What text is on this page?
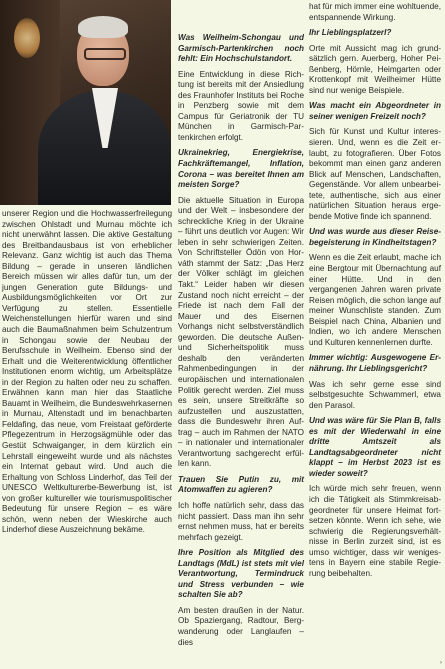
unserer Region und die Hochwasserfreilegung zwischen Ohlstadt und Murnau möchte ich nicht unerwähnt lassen. Die aktive Gestaltung des Breitbandausbaus ist von erheblicher Relevanz. Ganz wichtig ist auch das Thema Bildung – gerade in unseren ländlichen Bereich müssen wir alles dafür tun, um der jungen Generation gute Bildungs- und Ausbildungsmöglichkeiten vor Ort zur Verfügung zu stellen. Essentielle Weichenstellungen hierfür waren und sind auch die Baumaßnahmen beim Schulzentrum in Schongau sowie der Neubau der Berufsschule in Weilheim. Ebenso sind der Erhalt und die Weiterentwicklung öffentlicher Institutionen enorm wichtig, um Arbeitsplätze in der Region zu halten oder neu zu schaffen. Erwähnen kann man hier das Staatliche Bauamt in Weilheim, die Bundeswehrkasernen in Murnau, Altenstadt und im benachbarten Feldafing, das neue, vom Freistaat geförderte Pflegezentrum in Herzogsägmühle oder das Gestüt Schwaiganger, in dem kürzlich ein Lehrstall eingeweiht wurde und als nächstes ein Internat gebaut wird. Und auch die Erhaltung von Schloss Linderhof, das Teil der UNESCO Weltkulturerbe-Bewerbung ist, ist von großer kultureller wie tourismuspolitischer Bedeutung für unsere Region – es wäre schön, wenn neben der Wieskirche auch Linderhof diese Auszeichnung bekäme.

Was Weilheim-Schongau und Garmisch-Partenkirchen noch fehlt: Ein Hochschulstandort.

Eine Entwicklung in diese Richtung ist bereits mit der Ansiedlung des Fraunhofer Instituts bei Roche in Penzberg sowie mit dem Campus für Geriatronik der TU München in Garmisch-Partenkirchen erfolgt.

Ukrainekrieg, Energiekrise, Fachkräftemangel, Inflation, Corona – was bereitet Ihnen am meisten Sorge?

Die aktuelle Situation in Europa und der Welt – insbesondere der schreckliche Krieg in der Ukraine – führt uns deutlich vor Augen: Wir leben in sehr schwierigen Zeiten. Von Schriftsteller Ödön von Horváth stammt der Satz: „Das Herz der Völker schlägt im gleichen Takt.“ Leider haben wir diesen Zustand noch nicht erreicht – der Friede ist nach dem Fall der Mauer und des Eisernen Vorhangs nicht selbstverständlich geworden. Die deutsche Außen- und Sicherheitspolitik muss deshalb den veränderten Rahmenbedingungen in der europäischen und internationalen Politik gerecht werden. Ziel muss es sein, unsere Streitkräfte so aufzustellen und auszustatten, dass die Bundeswehr ihren Auftrag – auch im Rahmen der NATO – in nationaler und internationaler Verantwortung sachgerecht erfüllen kann.

Trauen Sie Putin zu, mit Atomwaffen zu agieren?

Ich hoffe natürlich sehr, dass das nicht passiert. Dass man ihn sehr ernst nehmen muss, hat er bereits mehrfach gezeigt.

Ihre Position als Mitglied des Landtags (MdL) ist stets mit viel Verantwortung, Termindruck und Stress verbunden – wie schalten Sie ab?

Am besten draußen in der Natur. Ob Spaziergang, Radtour, Bergwanderung oder Langlaufen – dies

hat für mich immer eine wohltuende, entspannende Wirkung.

Ihr Lieblingsplatzerl?

Orte mit Aussicht mag ich grundsätzlich gern. Auerberg, Hoher Peißenberg, Hörnle, Heimgarten oder Krottenkopf mit Weilheimer Hütte sind nur wenige Beispiele.

Was macht ein Abgeordneter in seiner wenigen Freizeit noch?

Sich für Kunst und Kultur interessieren. Und, wenn es die Zeit erlaubt, zu fotografieren. Über Fotos bekommt man einen ganz anderen Blick auf Menschen, Landschaften, Gegenstände. Vor allem unbearbeitete, authentische, sich aus einer natürlichen Situation heraus ergebende Motive finde ich spannend.

Und was wurde aus dieser Reisebegeisterung in Kindheitstagen?

Wenn es die Zeit erlaubt, mache ich eine Bergtour mit Übernachtung auf einer Hütte. Und in den vergangenen Jahren waren private Reisen möglich, die schon lange auf meiner Wunschliste standen. Zum Beispiel nach China, Albanien und Indien, wo ich andere Menschen und Kulturen kennenlernen durfte.

Immer wichtig: Ausgewogene Ernährung. Ihr Lieblingsgericht?

Was ich sehr gerne esse sind selbstgesuchte Schwammerl, etwa den Parasol.

Und was wäre für Sie Plan B, falls es mit der Wiederwahl in eine dritte Amtszeit als Landtagsabgeordneter nicht klappt – im Herbst 2023 ist es wieder soweit?

Ich würde mich sehr freuen, wenn ich die Tätigkeit als Stimmkreisabgeordneter für unsere Heimat fortsetzen könnte. Wenn ich sehe, wie schwierig die Regierungsverhältnisse in Berlin zurzeit sind, ist es umso wichtiger, dass wir wenigestens in Bayern eine stabile Regierung beibehalten.

›
